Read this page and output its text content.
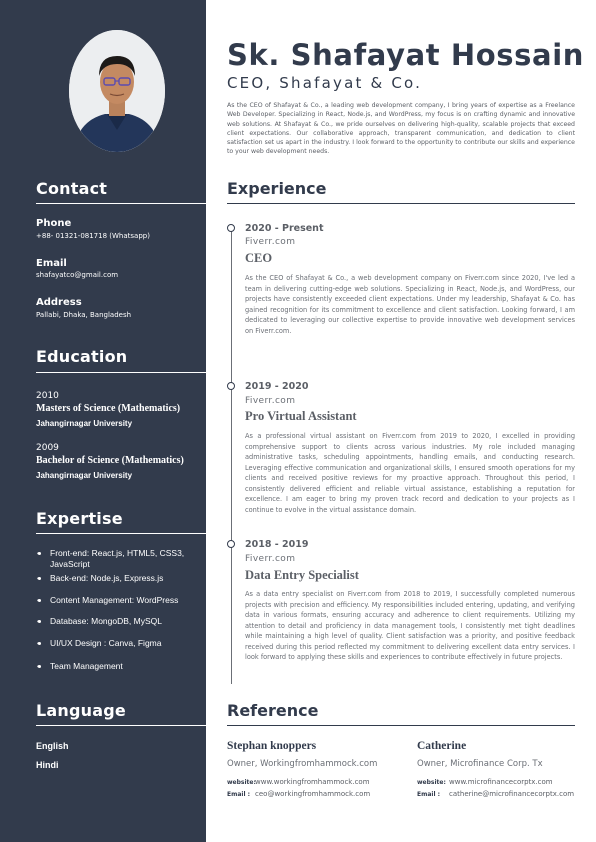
Contact
Phone
+88- 01321-081718 (Whatsapp)
Email
shafayatco@gmail.com
Address
Pallabi, Dhaka, Bangladesh
Education
2010
Masters of Science (Mathematics)
Jahangirnagar University
2009
Bachelor of Science (Mathematics)
Jahangirnagar University
Expertise
• • Front-end: React.js, HTML5, CSS3, JavaScript
• • Back-end: Node.js, Express.js
• • Content Management: WordPress
• • Database: MongoDB, MySQL
• • UI/UX Design : Canva, Figma
• • Team Management
Language
English
Hindi
Sk. Shafayat Hossain
CEO, Shafayat & Co.
As the CEO of Shafayat & Co., a leading web development company, I bring years of expertise as a Freelance Web Developer. Specializing in React, Node.js, and WordPress, my focus is on crafting dynamic and innovative web solutions. At Shafayat & Co., we pride ourselves on delivering high-quality, scalable projects that exceed client expectations. Our collaborative approach, transparent communication, and dedication to client satisfaction set us apart in the industry. I look forward to the opportunity to contribute our skills and experience to your web development needs.
Experience
2020 - Present
Fiverr.com
CEO
As the CEO of Shafayat & Co., a web development company on Fiverr.com since 2020, I've led a team in delivering cutting-edge web solutions. Specializing in React, Node.js, and WordPress, our projects have consistently exceeded client expectations. Under my leadership, Shafayat & Co. has gained recognition for its commitment to excellence and client satisfaction. Looking forward, I am dedicated to leveraging our collective expertise to provide innovative web development services on Fiverr.com.
2019 - 2020
Fiverr.com
Pro Virtual Assistant
As a professional virtual assistant on Fiverr.com from 2019 to 2020, I excelled in providing comprehensive support to clients across various industries. My role included managing administrative tasks, scheduling appointments, handling emails, and conducting research. Leveraging effective communication and organizational skills, I ensured smooth operations for my clients and received positive reviews for my proactive approach. Throughout this period, I consistently delivered efficient and reliable virtual assistance, establishing a reputation for excellence. I am eager to bring my proven track record and dedication to your projects as I continue to evolve in the virtual assistance domain.
2018 - 2019
Fiverr.com
Data Entry Specialist
As a data entry specialist on Fiverr.com from 2018 to 2019, I successfully completed numerous projects with precision and efficiency. My responsibilities included entering, updating, and verifying data in various formats, ensuring accuracy and adherence to client requirements. Utilizing my attention to detail and proficiency in data management tools, I consistently met tight deadlines while maintaining a high level of quality. Client satisfaction was a priority, and positive feedback received during this period reflected my commitment to delivering excellent data entry services. I look forward to applying these skills and experiences to contribute effectively in future projects.
Reference
Stephan knoppers
Owner, Workingfromhammock.com
website:www.workingfromhammock.com
Email : ceo@workingfromhammock.com
Catherine
Owner, Microfinance Corp. Tx
website: www.microfinancecorptx.com
Email : catherine@microfinancecorptx.com
